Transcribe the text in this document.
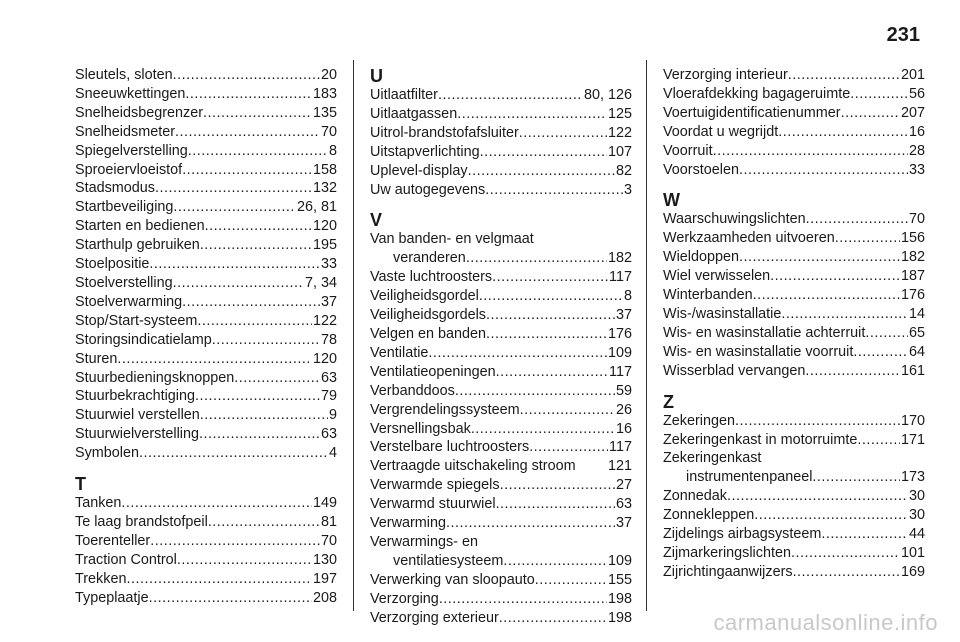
231
Sleutels, sloten .....	20
Sneeuwkettingen .....	183
Snelheidsbegrenzer .....	135
Snelheidsmeter .....	70
Spiegelverstelling .....	8
Sproeiervloeistof .....	158
Stadsmodus .....	132
Startbeveiliging .....	26, 81
Starten en bedienen .....	120
Starthulp gebruiken .....	195
Stoelpositie .....	33
Stoelverstelling .....	7, 34
Stoelverwarming .....	37
Stop/Start-systeem .....	122
Storingsindicatielamp .....	78
Sturen .....	120
Stuurbedieningsknoppen .....	63
Stuurbekrachtiging .....	79
Stuurwiel verstellen .....	9
Stuurwielverstelling .....	63
Symbolen .....	4
T
Tanken .....	149
Te laag brandstofpeil .....	81
Toerenteller .....	70
Traction Control .....	130
Trekken .....	197
Typeplaatje .....	208
U
Uitlaatfilter .....	80, 126
Uitlaatgassen .....	125
Uitrol-brandstofafsluiter .....	122
Uitstapverlichting .....	107
Uplevel-display .....	82
Uw autogegevens .....	3
V
Van banden- en velgmaat
veranderen .....	182
Vaste luchtroosters .....	117
Veiligheidsgordel .....	8
Veiligheidsgordels .....	37
Velgen en banden .....	176
Ventilatie .....	109
Ventilatieopeningen .....	117
Verbanddoos .....	59
Vergrendelingssysteem .....	26
Versnellingsbak .....	16
Verstelbare luchtroosters .....	117
Vertraagde uitschakeling stroom 121
Verwarmde spiegels .....	27
Verwarmd stuurwiel .....	63
Verwarming .....	37
Verwarmings- en
ventilatiesysteem .....	109
Verwerking van sloopauto .....	155
Verzorging .....	198
Verzorging exterieur .....	198
Verzorging interieur .....	201
Vloerafdekking bagageruimte .....	56
Voertuigidentificatienummer .....	207
Voordat u wegrijdt .....	16
Voorruit .....	28
Voorstoelen .....	33
W
Waarschuwingslichten .....	70
Werkzaamheden uitvoeren .....	156
Wieldoppen .....	182
Wiel verwisselen .....	187
Winterbanden .....	176
Wis-/wasinstallatie .....	14
Wis- en wasinstallatie achterruit .....	65
Wis- en wasinstallatie voorruit .....	64
Wisserblad vervangen .....	161
Z
Zekeringen .....	170
Zekeringenkast in motorruimte .....	171
Zekeringenkast
instrumentenpaneel .....	173
Zonnedak .....	30
Zonnekleppen .....	30
Zijdelings airbagsysteem .....	44
Zijmarkeringslichten .....	101
Zijrichtingaanwijzers .....	169
carmanualsonline.info
